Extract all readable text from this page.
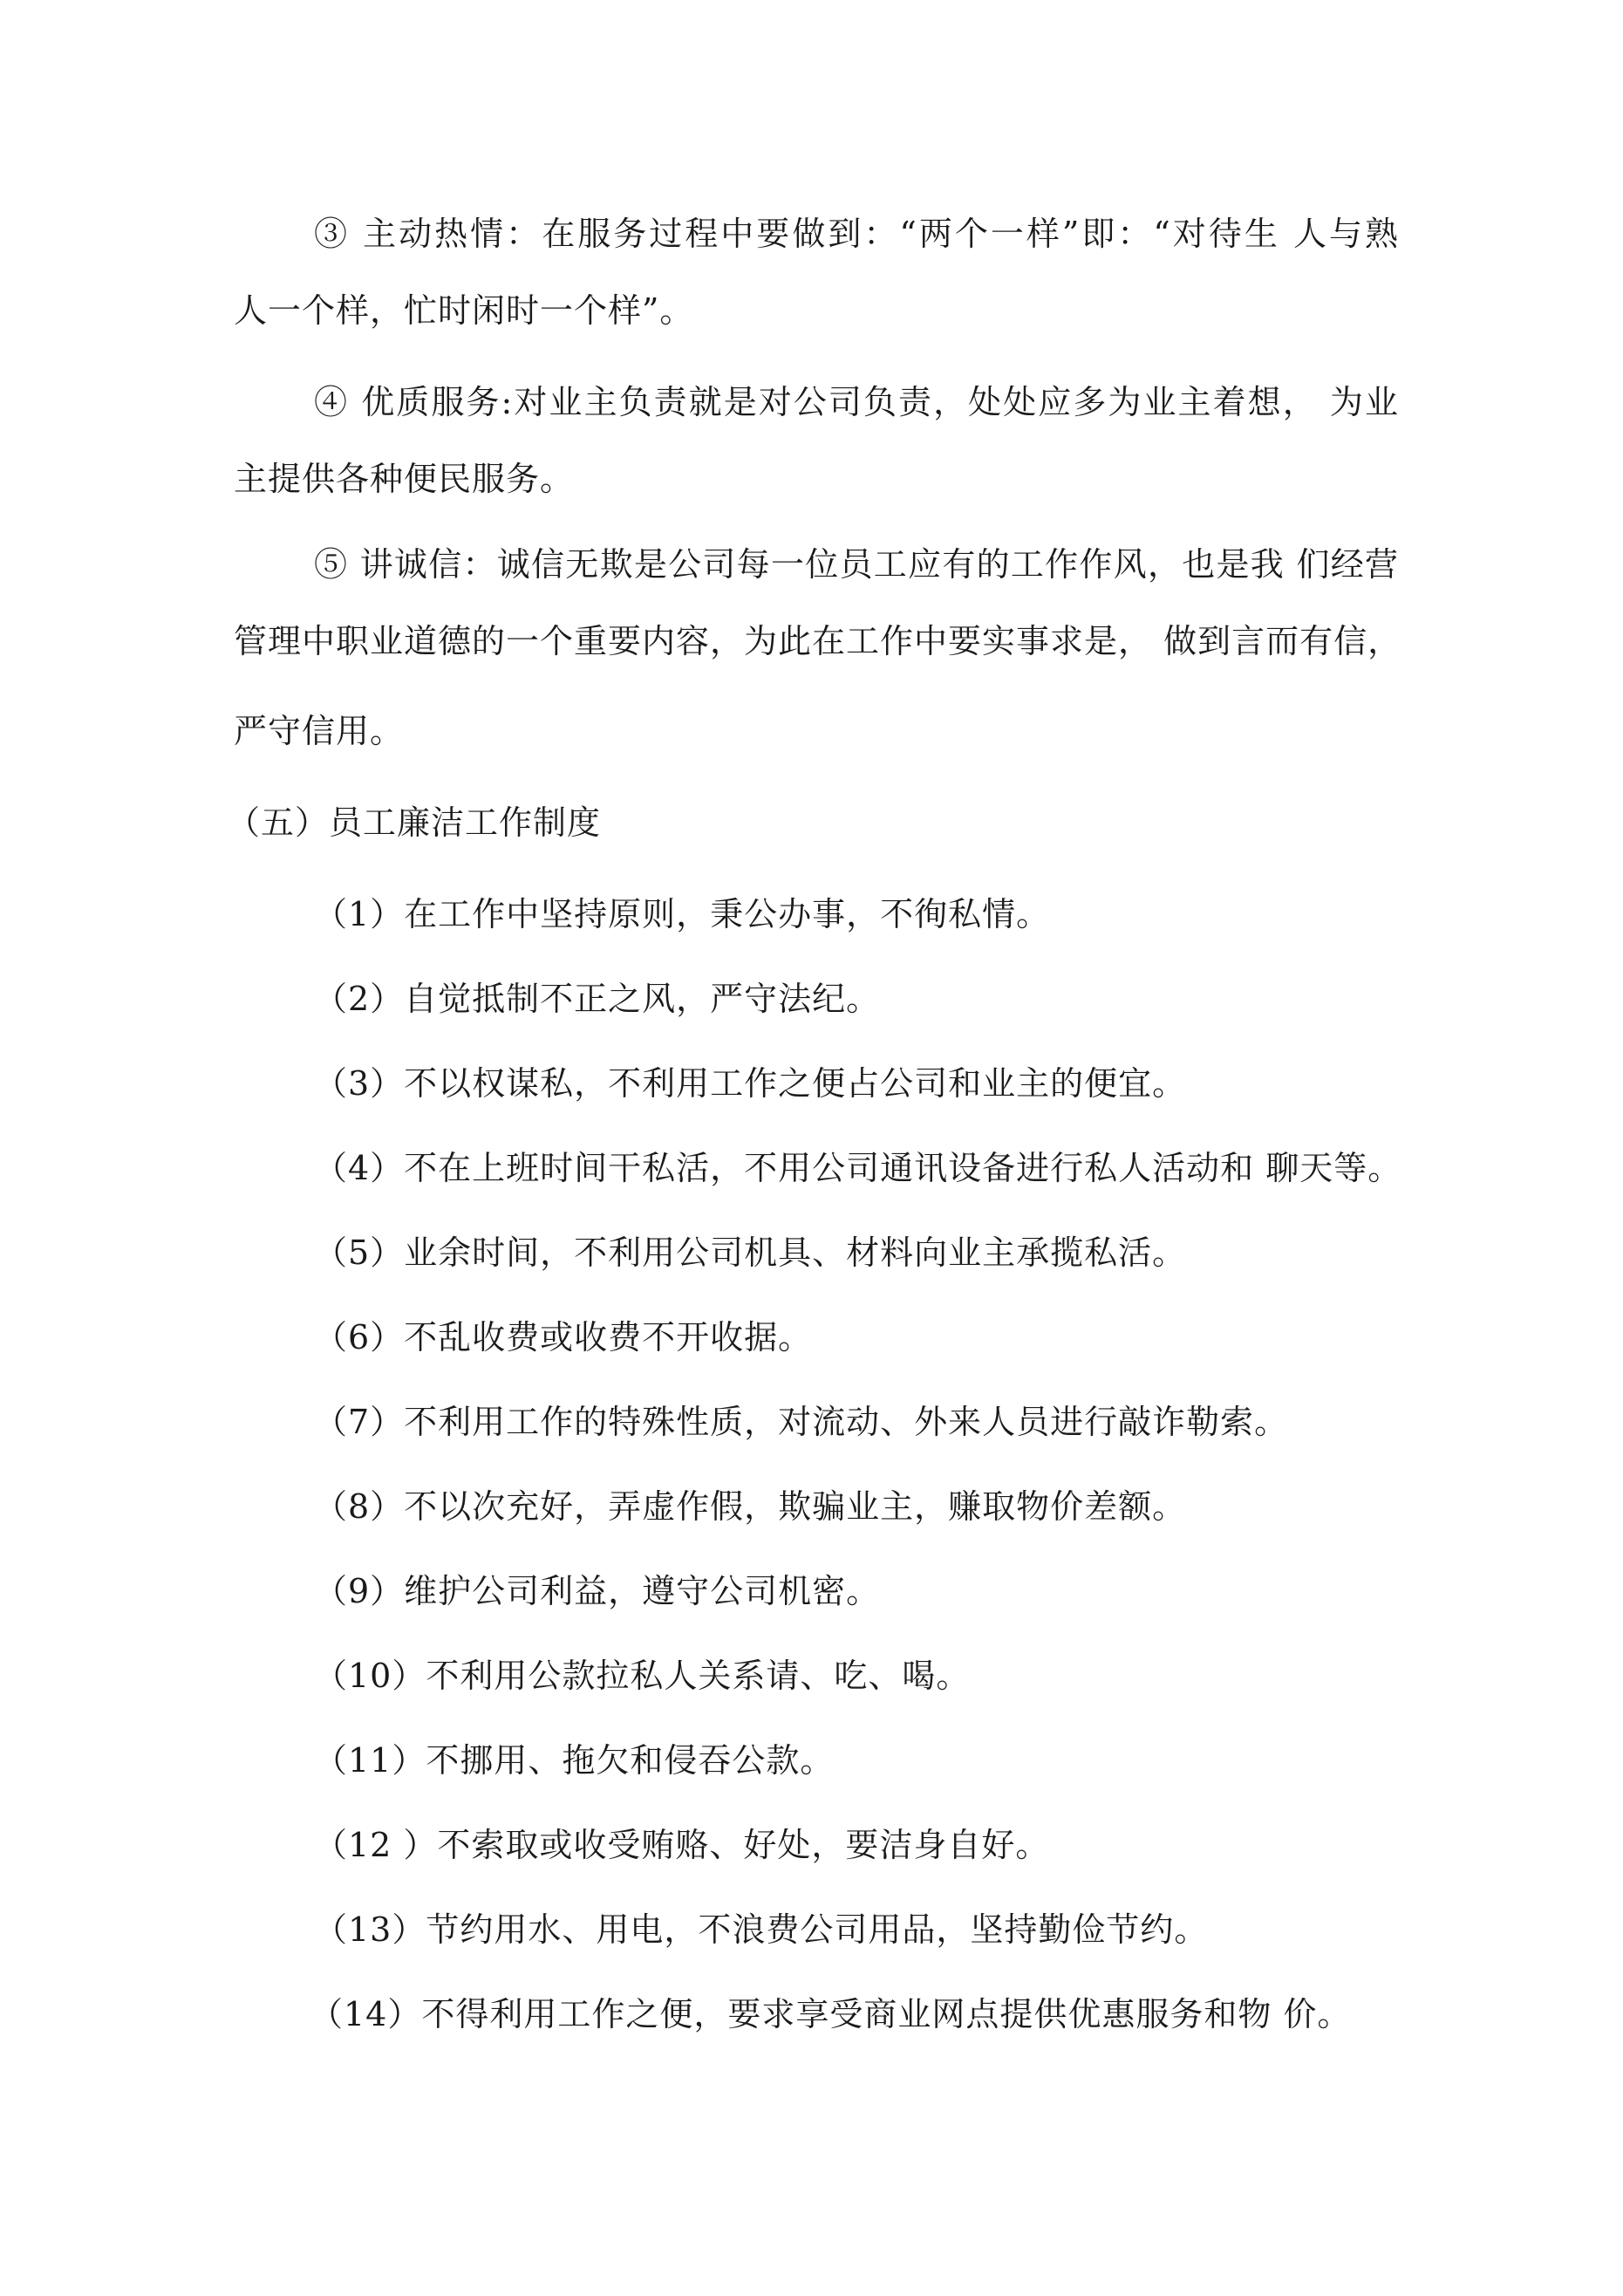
③ 主动热情：在服务过程中要做到：“两个一样”即：“对待生 人与熟
人一个样，忙时闲时一个样”。
④ 优质服务:对业主负责就是对公司负责，处处应多为业主着想， 为业
主提供各种便民服务。
⑤ 讲诚信：诚信无欺是公司每一位员工应有的工作作风，也是我 们经营
管理中职业道德的一个重要内容，为此在工作中要实事求是， 做到言而有信，
严守信用。
（五）员工廉洁工作制度
（1）在工作中坚持原则，秉公办事，不徇私情。
（2）自觉抵制不正之风，严守法纪。
（3）不以权谋私，不利用工作之便占公司和业主的便宜。
（4）不在上班时间干私活，不用公司通讯设备进行私人活动和 聊天等。
（5）业余时间，不利用公司机具、材料向业主承揽私活。
（6）不乱收费或收费不开收据。
（7）不利用工作的特殊性质，对流动、外来人员进行敲诈勒索。
（8）不以次充好，弄虚作假，欺骗业主，赚取物价差额。
（9）维护公司利益，遵守公司机密。
（10）不利用公款拉私人关系请、吃、喝。
（11）不挪用、拖欠和侵吞公款。
（12 ）不索取或收受贿赂、好处，要洁身自好。
（13）节约用水、用电，不浪费公司用品，坚持勤俭节约。
（14）不得利用工作之便，要求享受商业网点提供优惠服务和物 价。
